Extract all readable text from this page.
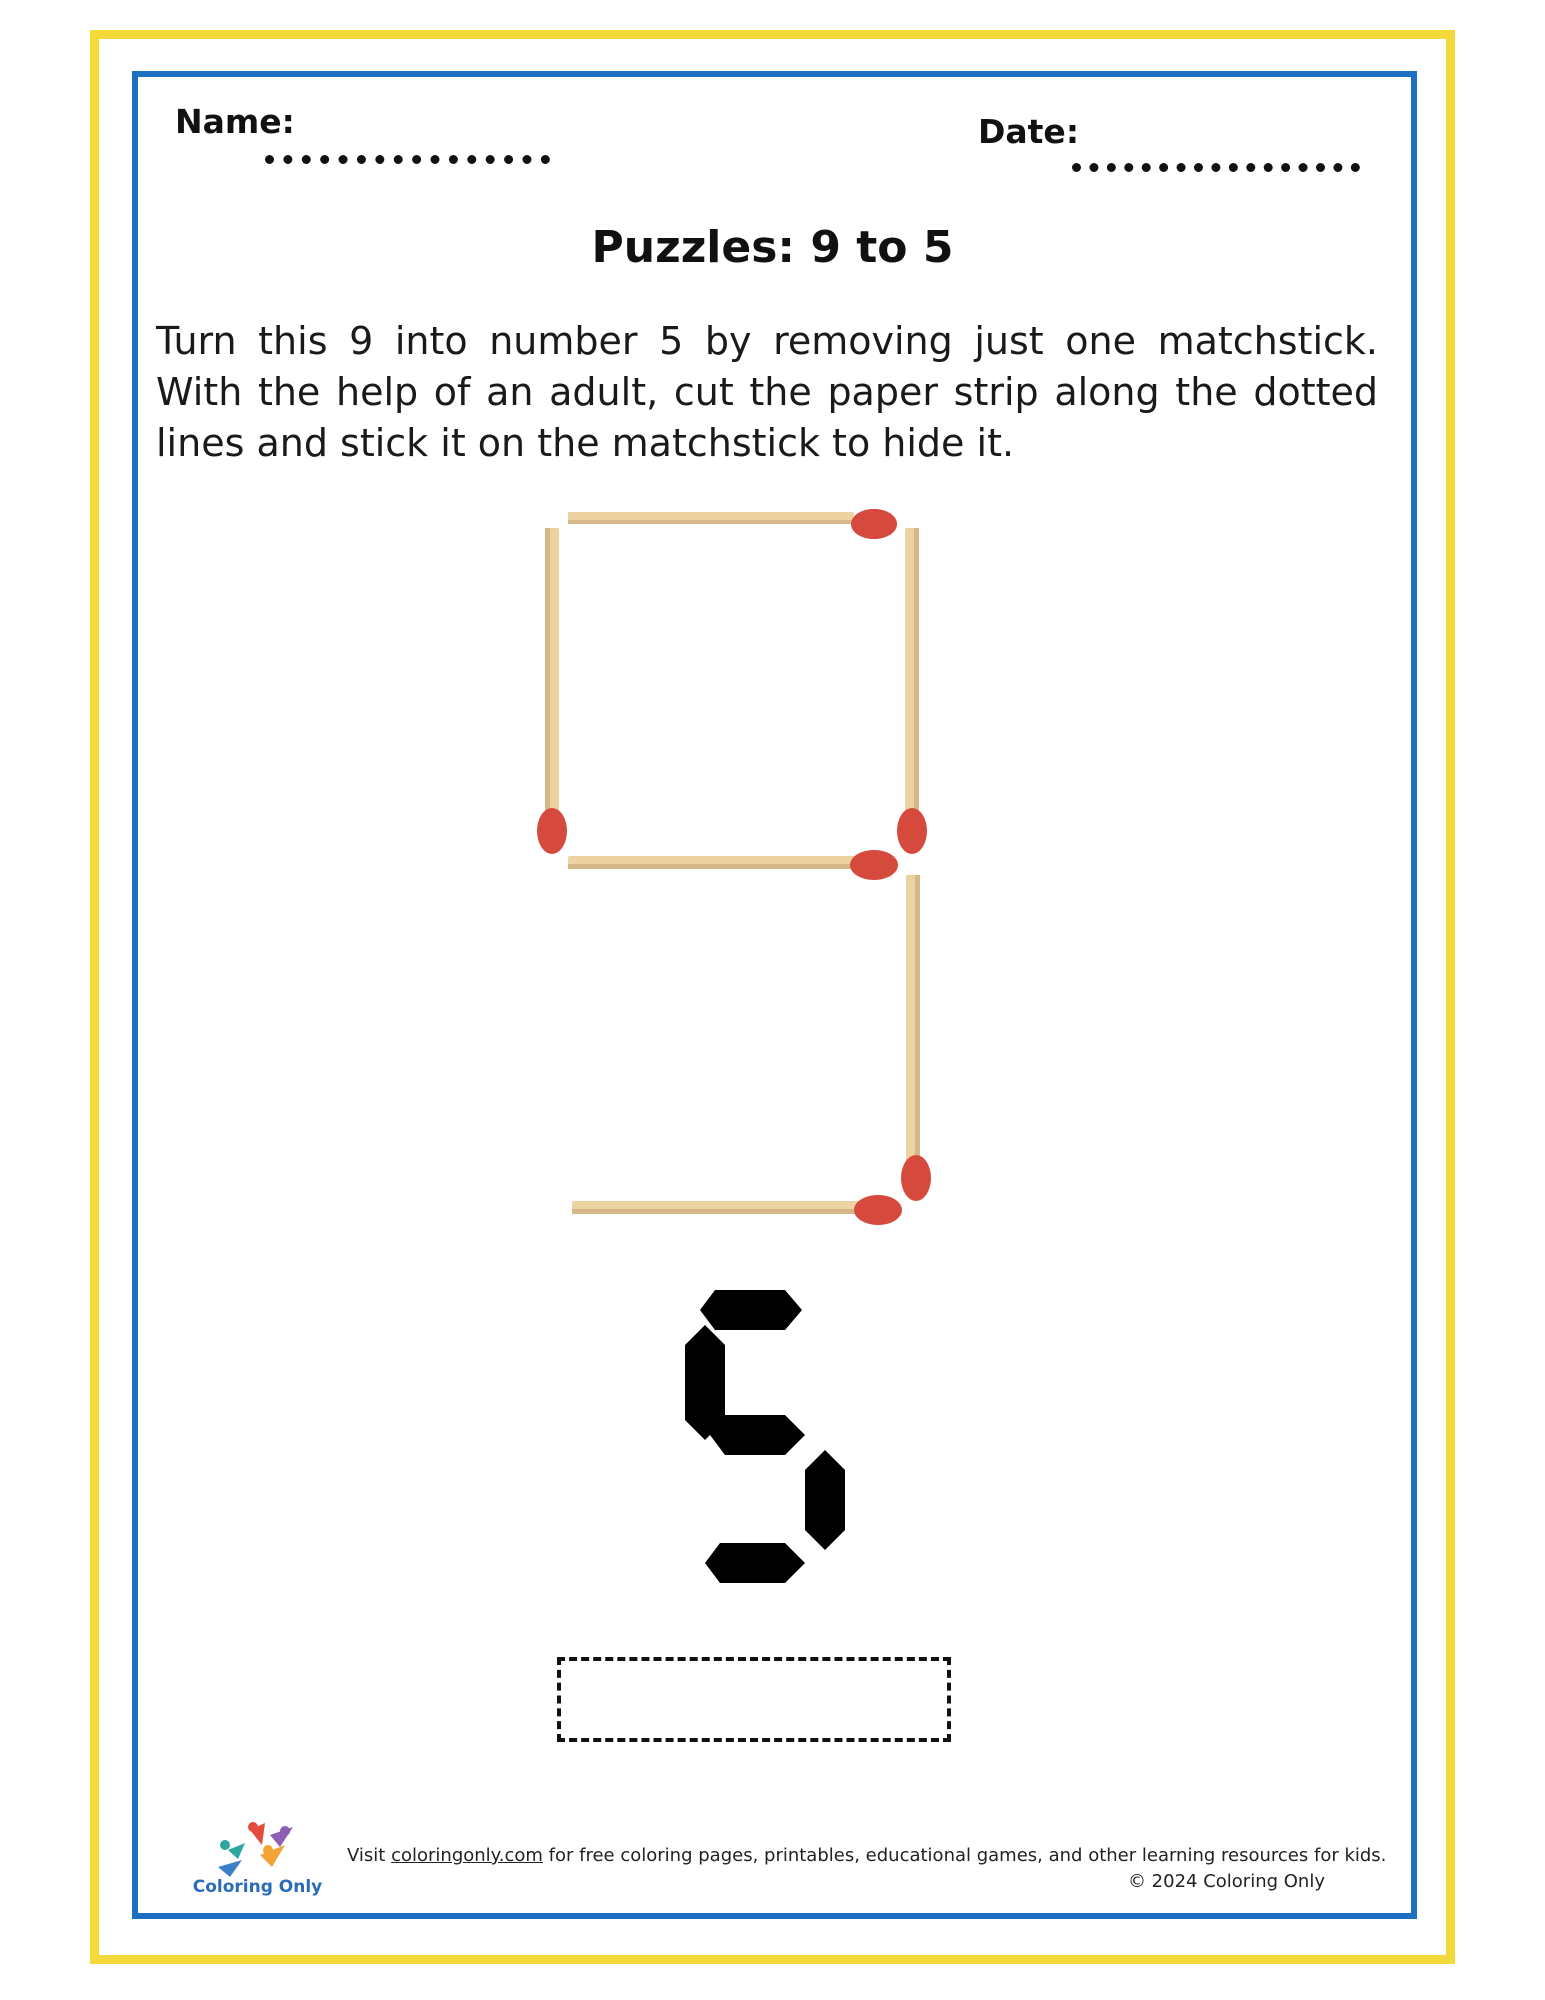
Name:	Date:

Puzzles: 9 to 5

Turn this 9 into number 5 by removing just one matchstick. With the help of an adult, cut the paper strip along the dotted lines and stick it on the matchstick to hide it.

Coloring Only

Visit coloringonly.com for free coloring pages, printables, educational games, and other learning resources for kids.

© 2024 Coloring Only
